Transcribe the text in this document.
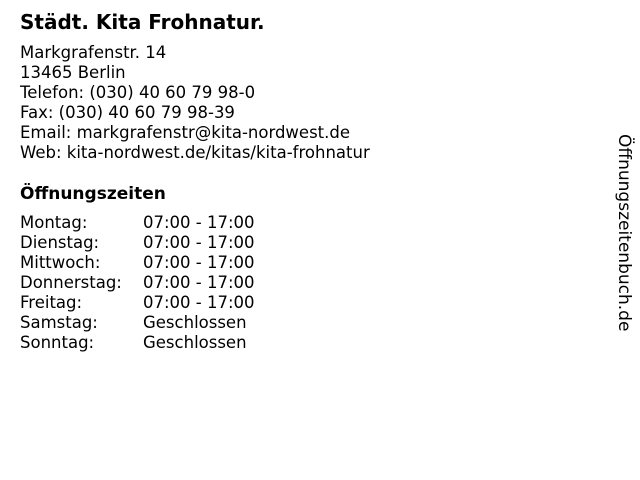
Städt. Kita Frohnatur.
Markgrafenstr. 14
13465 Berlin
Telefon: (030) 40 60 79 98-0
Fax: (030) 40 60 79 98-39
Email: markgrafenstr@kita-nordwest.de
Web: kita-nordwest.de/kitas/kita-frohnatur
Öffnungszeiten
Montag:	07:00 - 17:00
Dienstag:	07:00 - 17:00
Mittwoch:	07:00 - 17:00
Donnerstag: 07:00 - 17:00
Freitag:	07:00 - 17:00
Samstag:	Geschlossen
Sonntag:	Geschlossen
Öffnungszeitenbuch.de
